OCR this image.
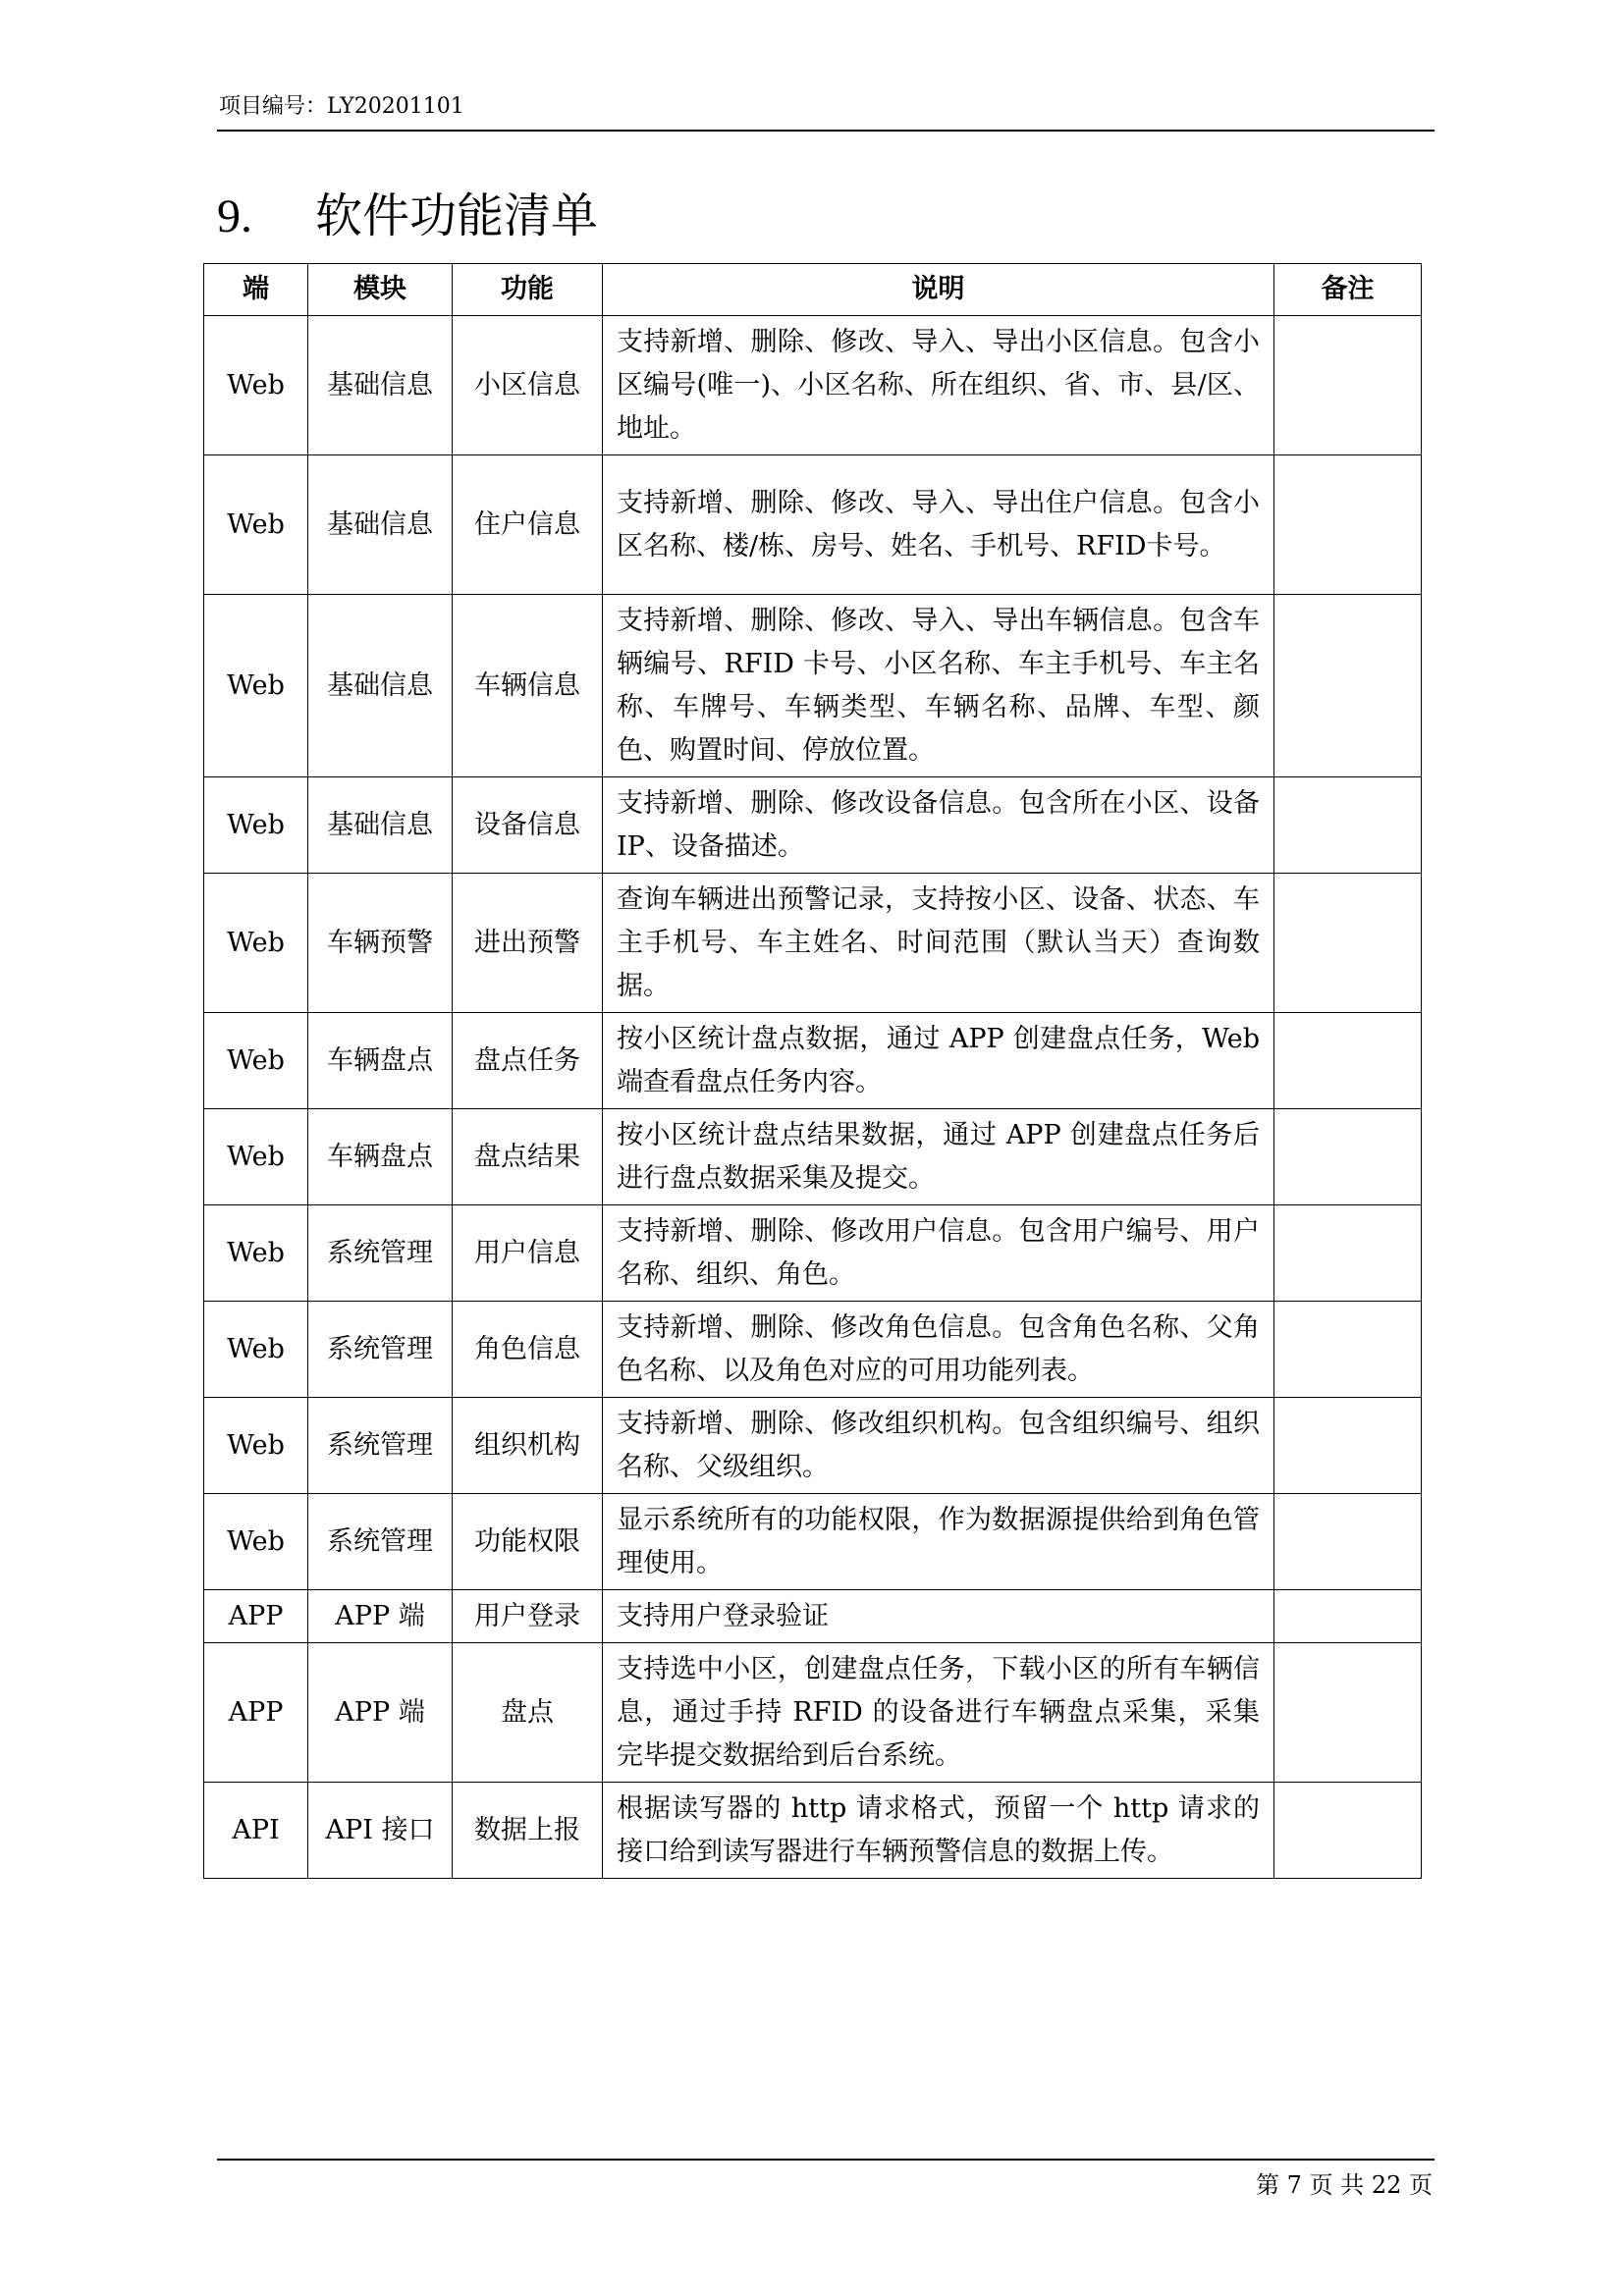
项目编号：LY20201101
9. 软件功能清单
端	模块	功能	说明	备注
Web	基础信息	小区信息	支持新增、删除、修改、导入、导出小区信息。包含小区编号(唯一)、小区名称、所在组织、省、市、县/区、地址。	
Web	基础信息	住户信息	支持新增、删除、修改、导入、导出住户信息。包含小区名称、楼/栋、房号、姓名、手机号、RFID卡号。	
Web	基础信息	车辆信息	支持新增、删除、修改、导入、导出车辆信息。包含车辆编号、RFID 卡号、小区名称、车主手机号、车主名称、车牌号、车辆类型、车辆名称、品牌、车型、颜色、购置时间、停放位置。	
Web	基础信息	设备信息	支持新增、删除、修改设备信息。包含所在小区、设备 IP、设备描述。	
Web	车辆预警	进出预警	查询车辆进出预警记录，支持按小区、设备、状态、车主手机号、车主姓名、时间范围（默认当天）查询数据。	
Web	车辆盘点	盘点任务	按小区统计盘点数据，通过 APP 创建盘点任务，Web端查看盘点任务内容。	
Web	车辆盘点	盘点结果	按小区统计盘点结果数据，通过 APP 创建盘点任务后进行盘点数据采集及提交。	
Web	系统管理	用户信息	支持新增、删除、修改用户信息。包含用户编号、用户名称、组织、角色。	
Web	系统管理	角色信息	支持新增、删除、修改角色信息。包含角色名称、父角色名称、以及角色对应的可用功能列表。	
Web	系统管理	组织机构	支持新增、删除、修改组织机构。包含组织编号、组织名称、父级组织。	
Web	系统管理	功能权限	显示系统所有的功能权限，作为数据源提供给到角色管理使用。	
APP	APP 端	用户登录	支持用户登录验证	
APP	APP 端	盘点	支持选中小区，创建盘点任务，下载小区的所有车辆信息，通过手持 RFID 的设备进行车辆盘点采集，采集完毕提交数据给到后台系统。	
API	API 接口	数据上报	根据读写器的 http 请求格式，预留一个 http 请求的接口给到读写器进行车辆预警信息的数据上传。	
第 7 页 共 22 页
